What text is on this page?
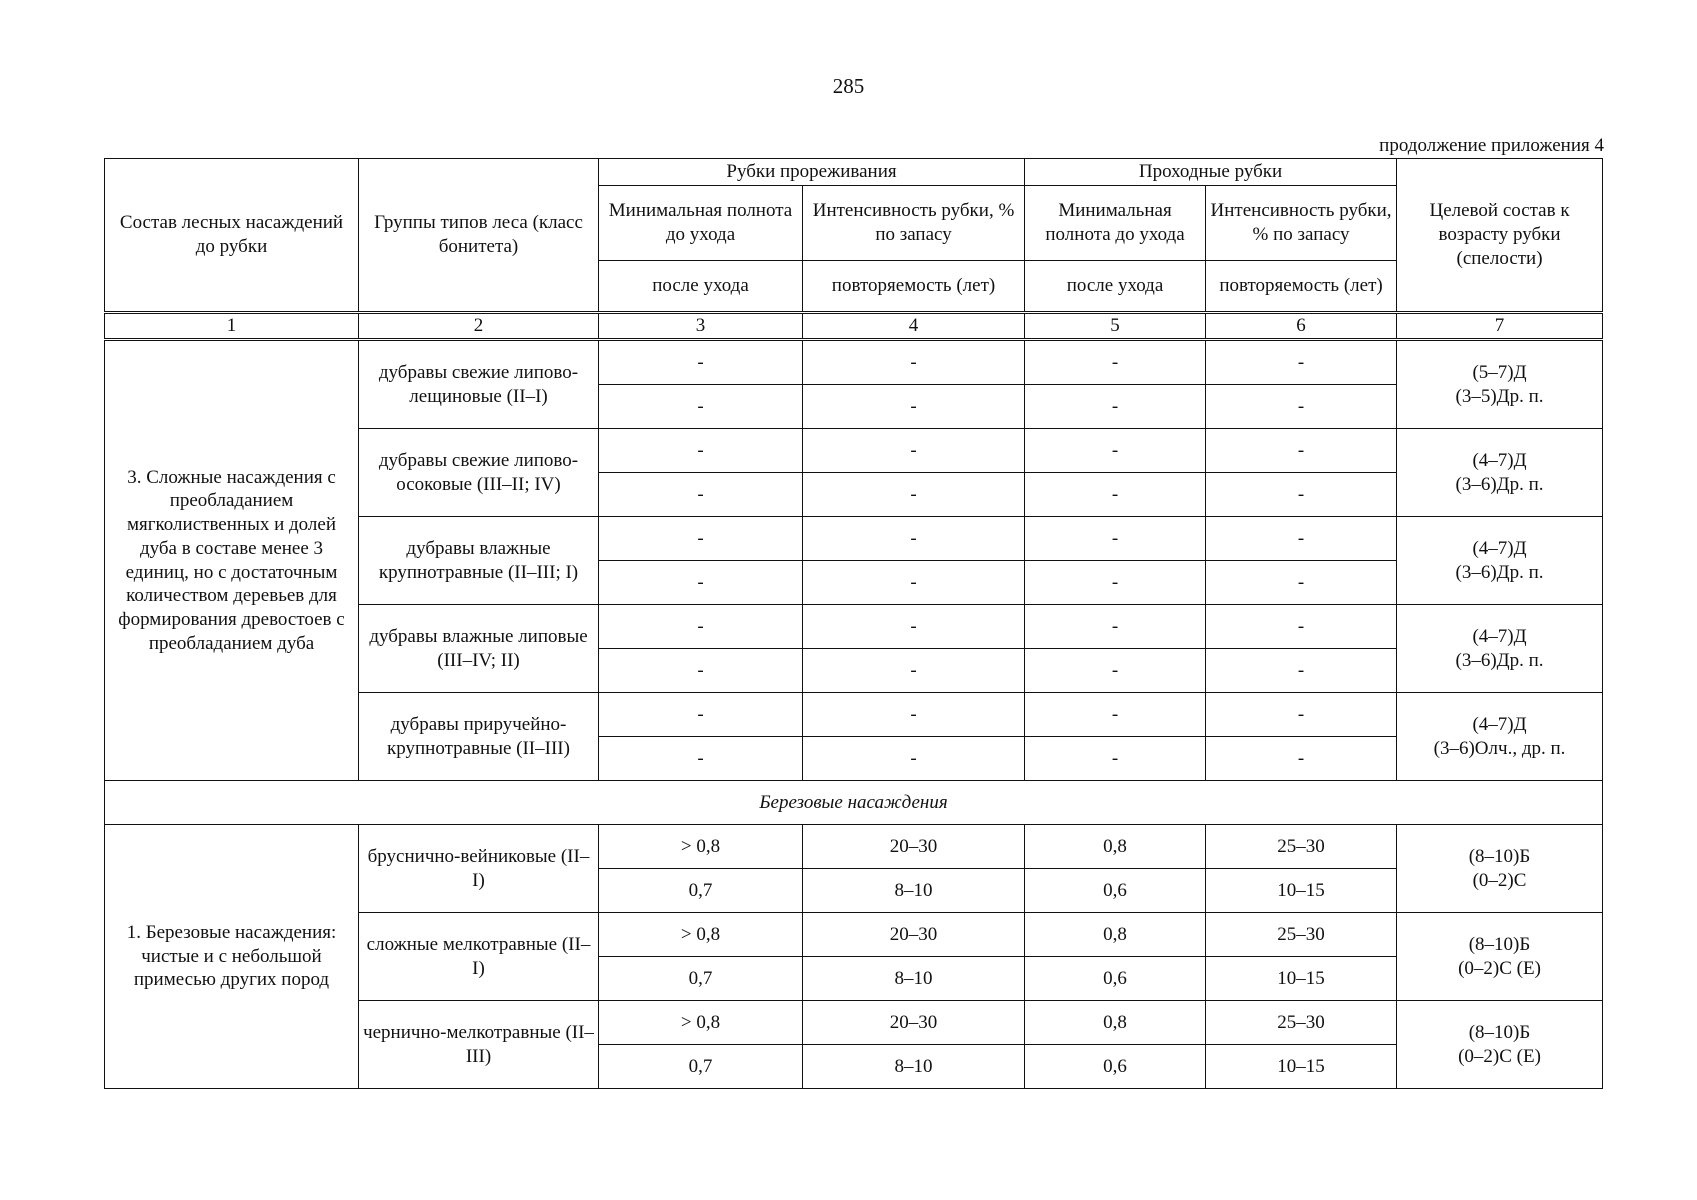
285
продолжение приложения 4
Состав лесных насаждений до рубки	Группы типов леса (класс бонитета)	Рубки прореживания		Проходные рубки		Целевой состав к возрасту рубки (спелости)
		Минимальная полнота до ухода	Интенсивность рубки, % по запасу	Минимальная полнота до ухода	Интенсивность рубки, % по запасу	
		после ухода	повторяемость (лет)	после ухода	повторяемость (лет)	
1	2	3	4	5	6	7
3. Сложные насаждения с преобладанием мягколиственных и долей дуба в составе менее 3 единиц, но с достаточным количеством деревьев для формирования древостоев с преобладанием дуба	дубравы свежие липово-лещиновые (II–I)	-	-	-	-	(5–7)Д
(3–5)Др. п.
		-	-	-	-	
	дубравы свежие липово-осоковые (III–II; IV)	-	-	-	-	(4–7)Д
(3–6)Др. п.
		-	-	-	-	
	дубравы влажные крупнотравные (II–III; I)	-	-	-	-	(4–7)Д
(3–6)Др. п.
		-	-	-	-	
	дубравы влажные липовые (III–IV; II)	-	-	-	-	(4–7)Д
(3–6)Др. п.
		-	-	-	-	
	дубравы приручейно-крупнотравные (II–III)	-	-	-	-	(4–7)Д
(3–6)Олч., др. п.
		-	-	-	-	
Березовые насаждения						
1. Березовые насаждения: чистые и с небольшой примесью других пород	бруснично-вейниковые (II–I)	> 0,8	20–30	0,8	25–30	(8–10)Б
(0–2)С
		0,7	8–10	0,6	10–15	
	сложные мелкотравные (II–I)	> 0,8	20–30	0,8	25–30	(8–10)Б
(0–2)С (Е)
		0,7	8–10	0,6	10–15	
	чернично-мелкотравные (II–III)	> 0,8	20–30	0,8	25–30	(8–10)Б
(0–2)С (Е)
		0,7	8–10	0,6	10–15	
